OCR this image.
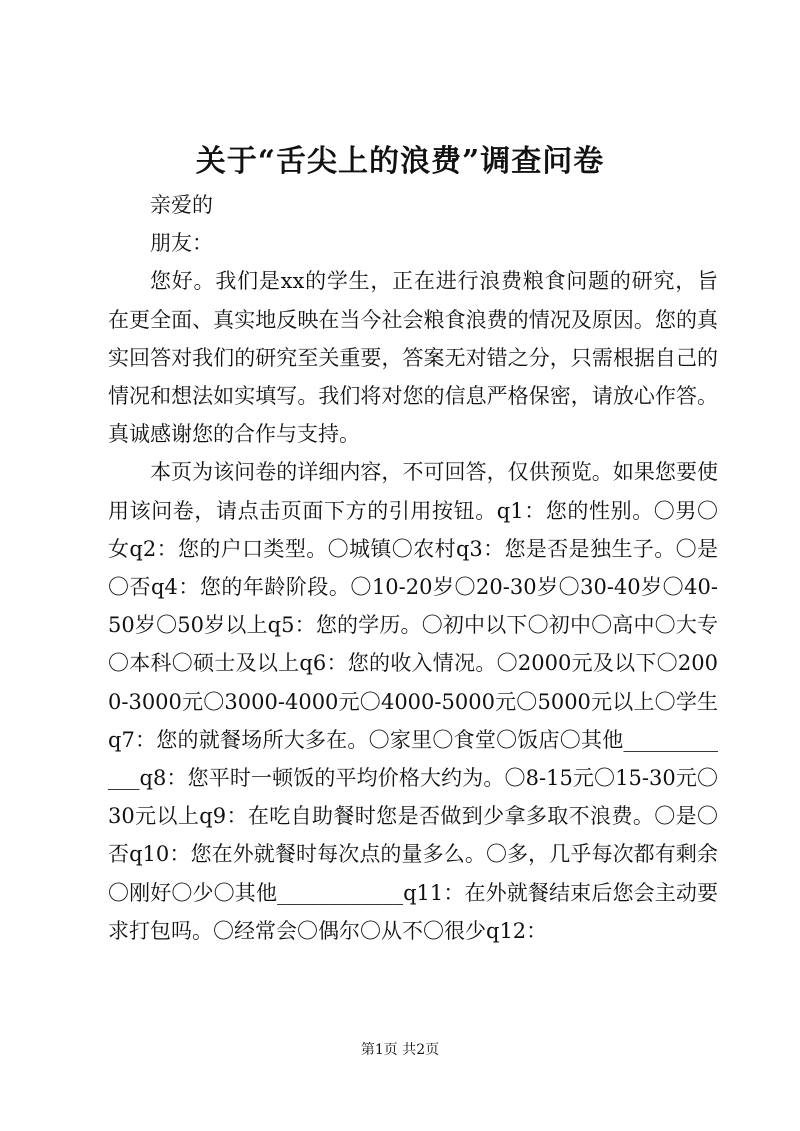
关于“舌尖上的浪费”调查问卷

亲爱的

朋友：

您好。我们是xx的学生，正在进行浪费粮食问题的研究，旨在更全面、真实地反映在当今社会粮食浪费的情况及原因。您的真实回答对我们的研究至关重要，答案无对错之分，只需根据自己的情况和想法如实填写。我们将对您的信息严格保密，请放心作答。真诚感谢您的合作与支持。

本页为该问卷的详细内容，不可回答，仅供预览。如果您要使用该问卷，请点击页面下方的引用按钮。q1：您的性别。〇男〇女q2：您的户口类型。〇城镇〇农村q3：您是否是独生子。〇是〇否q4：您的年龄阶段。〇10-20岁〇20-30岁〇30-40岁〇40-50岁〇50岁以上q5：您的学历。〇初中以下〇初中〇高中〇大专〇本科〇硕士及以上q6：您的收入情况。〇2000元及以下〇2000-3000元〇3000-4000元〇4000-5000元〇5000元以上〇学生q7：您的就餐场所大多在。〇家里〇食堂〇饭店〇其他____________q8：您平时一顿饭的平均价格大约为。〇8-15元〇15-30元〇30元以上q9：在吃自助餐时您是否做到少拿多取不浪费。〇是〇否q10：您在外就餐时每次点的量多么。〇多，几乎每次都有剩余〇刚好〇少〇其他____________q11：在外就餐结束后您会主动要求打包吗。〇经常会〇偶尔〇从不〇很少q12：

第1页 共2页
